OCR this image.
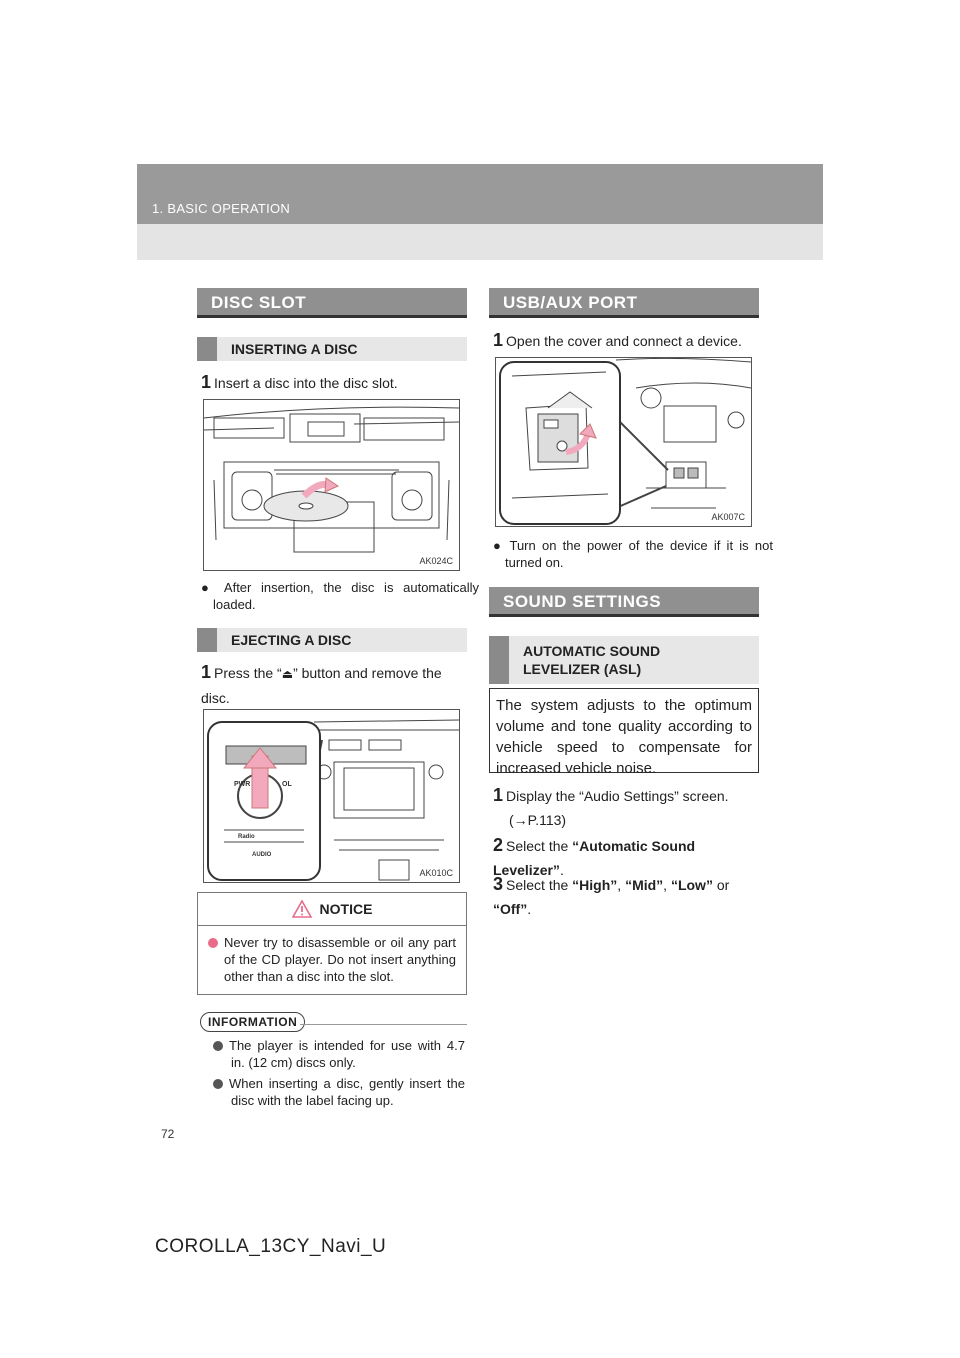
1. BASIC OPERATION
DISC SLOT
INSERTING A DISC
1 Insert a disc into the disc slot.
AK024C
● After insertion, the disc is automatically loaded.
EJECTING A DISC
1 Press the “⏏” button and remove the disc.
PWR	OL
Radio
AUDIO
AK010C
NOTICE
Never try to disassemble or oil any part of the CD player. Do not insert anything other than a disc into the slot.
INFORMATION
The player is intended for use with 4.7 in. (12 cm) discs only.
When inserting a disc, gently insert the disc with the label facing up.
USB/AUX PORT
1 Open the cover and connect a device.
AK007C
● Turn on the power of the device if it is not turned on.
SOUND SETTINGS
AUTOMATIC SOUND
LEVELIZER (ASL)
The system adjusts to the optimum volume and tone quality according to vehicle speed to compensate for increased vehicle noise.
1 Display the “Audio Settings” screen.
(→P.113)
2 Select the “Automatic Sound Levelizer”.
3 Select the “High”, “Mid”, “Low” or “Off”.
72
COROLLA_13CY_Navi_U
